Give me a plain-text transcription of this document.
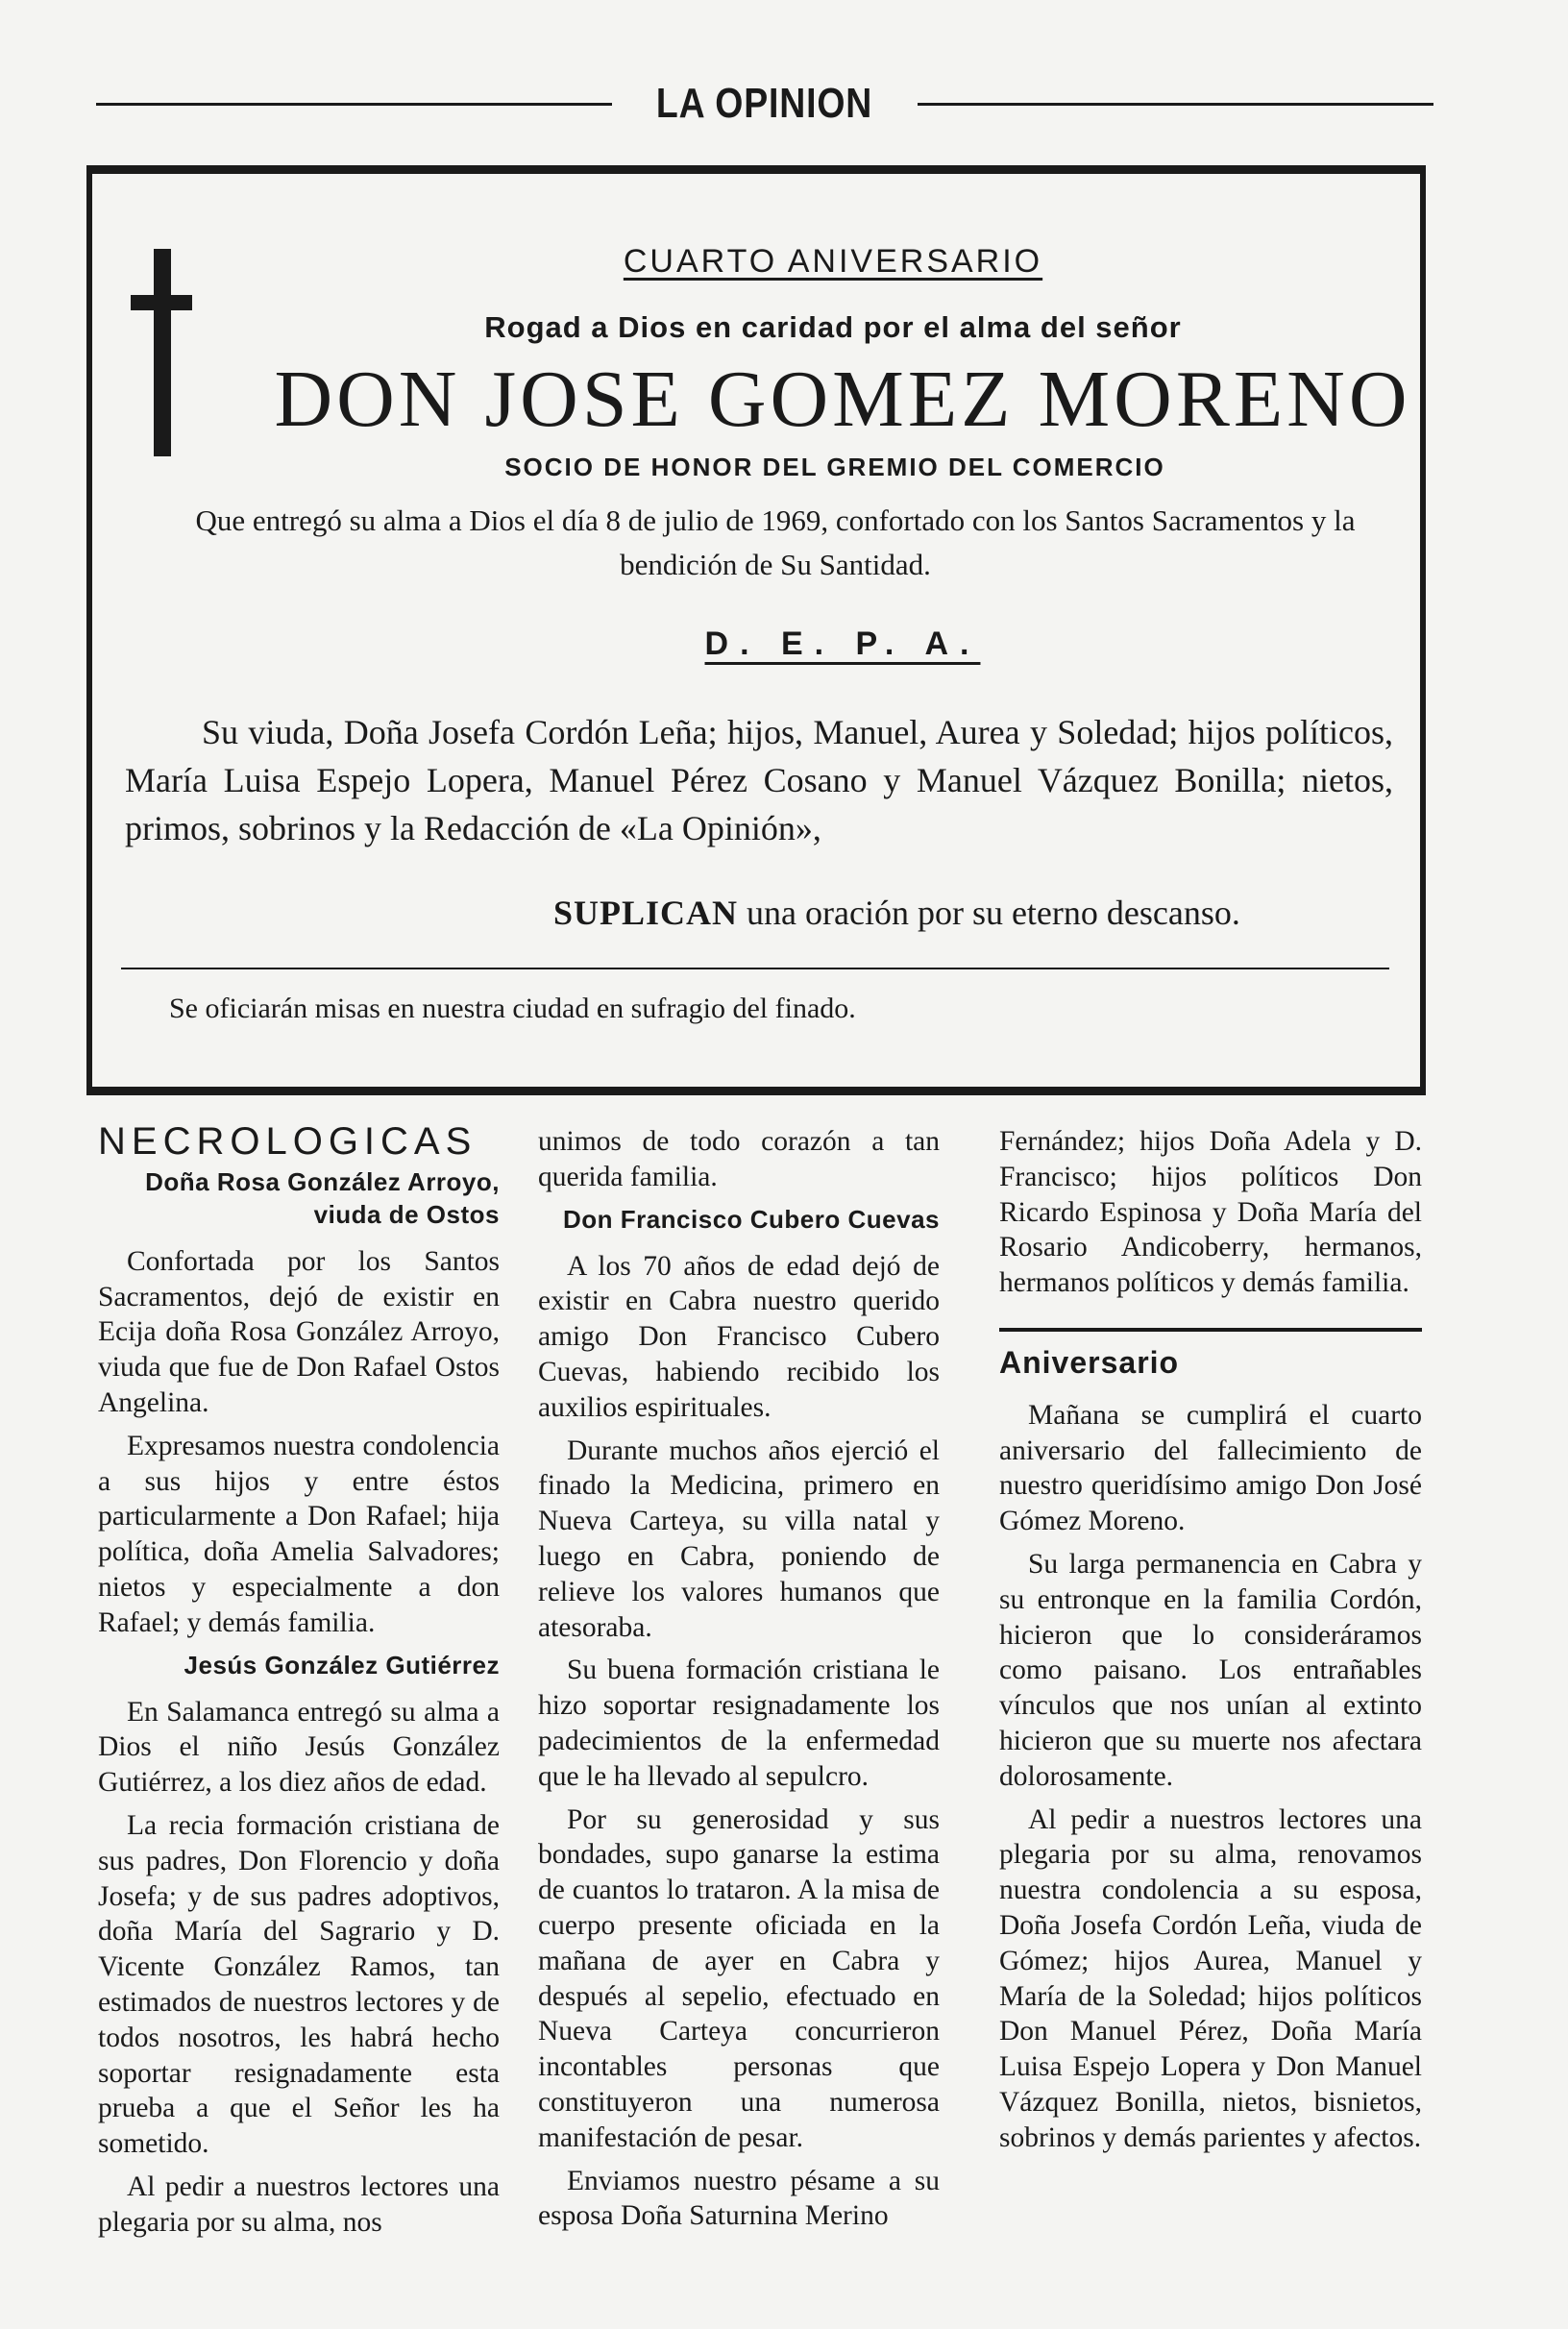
LA OPINION
CUARTO ANIVERSARIO
Rogad a Dios en caridad por el alma del señor
DON JOSE GOMEZ MORENO
SOCIO DE HONOR DEL GREMIO DEL COMERCIO
Que entregó su alma a Dios el día 8 de julio de 1969, confortado con los Santos Sacramentos y la bendición de Su Santidad.
D. E. P. A.
Su viuda, Doña Josefa Cordón Leña; hijos, Manuel, Aurea y Soledad; hijos políticos, María Luisa Espejo Lopera, Manuel Pérez Cosano y Manuel Vázquez Bonilla; nietos, primos, sobrinos y la Redacción de «La Opinión»,
SUPLICAN una oración por su eterno descanso.
Se oficiarán misas en nuestra ciudad en sufragio del finado.
NECROLOGICAS
Doña Rosa González Arroyo, viuda de Ostos

Confortada por los Santos Sacramentos, dejó de existir en Ecija doña Rosa González Arroyo, viuda que fue de Don Rafael Ostos Angelina.

Expresamos nuestra condolencia a sus hijos y entre éstos particularmente a Don Rafael; hija política, doña Amelia Salvadores; nietos y especialmente a don Rafael; y demás familia.

Jesús González Gutiérrez

En Salamanca entregó su alma a Dios el niño Jesús González Gutiérrez, a los diez años de edad.

La recia formación cristiana de sus padres, Don Florencio y doña Josefa; y de sus padres adoptivos, doña María del Sagrario y D. Vicente González Ramos, tan estimados de nuestros lectores y de todos nosotros, les habrá hecho soportar resignadamente esta prueba a que el Señor les ha sometido.

Al pedir a nuestros lectores una plegaria por su alma, nos

unimos de todo corazón a tan querida familia.

Don Francisco Cubero Cuevas

A los 70 años de edad dejó de existir en Cabra nuestro querido amigo Don Francisco Cubero Cuevas, habiendo recibido los auxilios espirituales.

Durante muchos años ejerció el finado la Medicina, primero en Nueva Carteya, su villa natal y luego en Cabra, poniendo de relieve los valores humanos que atesoraba.

Su buena formación cristiana le hizo soportar resignadamente los padecimientos de la enfermedad que le ha llevado al sepulcro.

Por su generosidad y sus bondades, supo ganarse la estima de cuantos lo trataron. A la misa de cuerpo presente oficiada en la mañana de ayer en Cabra y después al sepelio, efectuado en Nueva Carteya concurrieron incontables personas que constituyeron una numerosa manifestación de pesar.

Enviamos nuestro pésame a su esposa Doña Saturnina Merino

Fernández; hijos Doña Adela y D. Francisco; hijos políticos Don Ricardo Espinosa y Doña María del Rosario Andicoberry, hermanos, hermanos políticos y demás familia.

Aniversario

Mañana se cumplirá el cuarto aniversario del fallecimiento de nuestro queridísimo amigo Don José Gómez Moreno.

Su larga permanencia en Cabra y su entronque en la familia Cordón, hicieron que lo consideráramos como paisano. Los entrañables vínculos que nos unían al extinto hicieron que su muerte nos afectara dolorosamente.

Al pedir a nuestros lectores una plegaria por su alma, renovamos nuestra condolencia a su esposa, Doña Josefa Cordón Leña, viuda de Gómez; hijos Aurea, Manuel y María de la Soledad; hijos políticos Don Manuel Pérez, Doña María Luisa Espejo Lopera y Don Manuel Vázquez Bonilla, nietos, bisnietos, sobrinos y demás parientes y afectos.
